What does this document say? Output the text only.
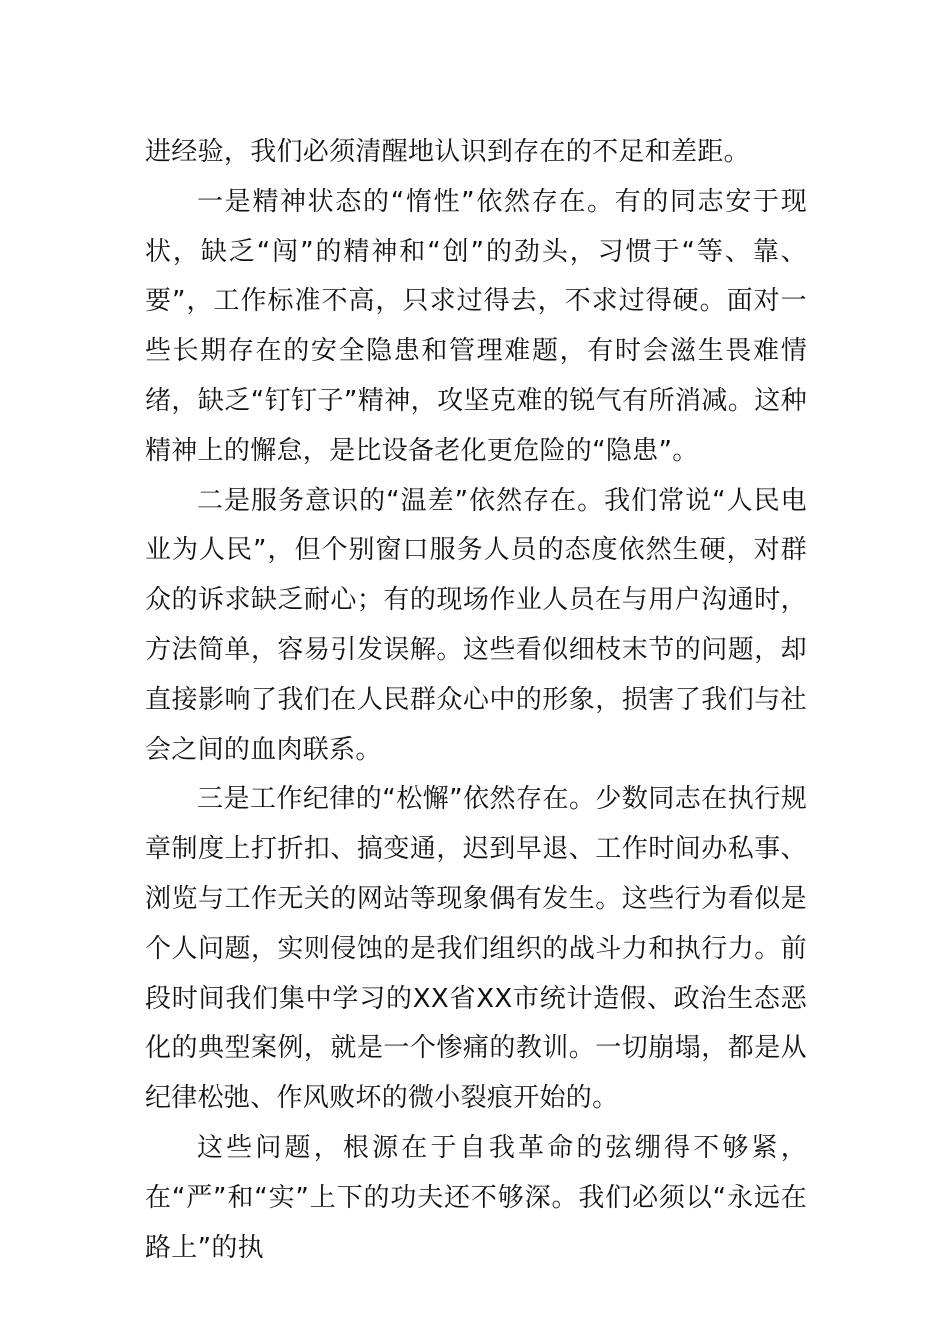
进经验，我们必须清醒地认识到存在的不足和差距。

一是精神状态的“惰性”依然存在。有的同志安于现状，缺乏“闯”的精神和“创”的劲头，习惯于“等、靠、要”，工作标准不高，只求过得去，不求过得硬。面对一些长期存在的安全隐患和管理难题，有时会滋生畏难情绪，缺乏“钉钉子”精神，攻坚克难的锐气有所消减。这种精神上的懈怠，是比设备老化更危险的“隐患”。

二是服务意识的“温差”依然存在。我们常说“人民电业为人民”，但个别窗口服务人员的态度依然生硬，对群众的诉求缺乏耐心；有的现场作业人员在与用户沟通时，方法简单，容易引发误解。这些看似细枝末节的问题，却直接影响了我们在人民群众心中的形象，损害了我们与社会之间的血肉联系。

三是工作纪律的“松懈”依然存在。少数同志在执行规章制度上打折扣、搞变通，迟到早退、工作时间办私事、浏览与工作无关的网站等现象偶有发生。这些行为看似是个人问题，实则侵蚀的是我们组织的战斗力和执行力。前段时间我们集中学习的XX省XX市统计造假、政治生态恶化的典型案例，就是一个惨痛的教训。一切崩塌，都是从纪律松弛、作风败坏的微小裂痕开始的。

这些问题，根源在于自我革命的弦绷得不够紧，在“严”和“实”上下的功夫还不够深。我们必须以“永远在路上”的执
